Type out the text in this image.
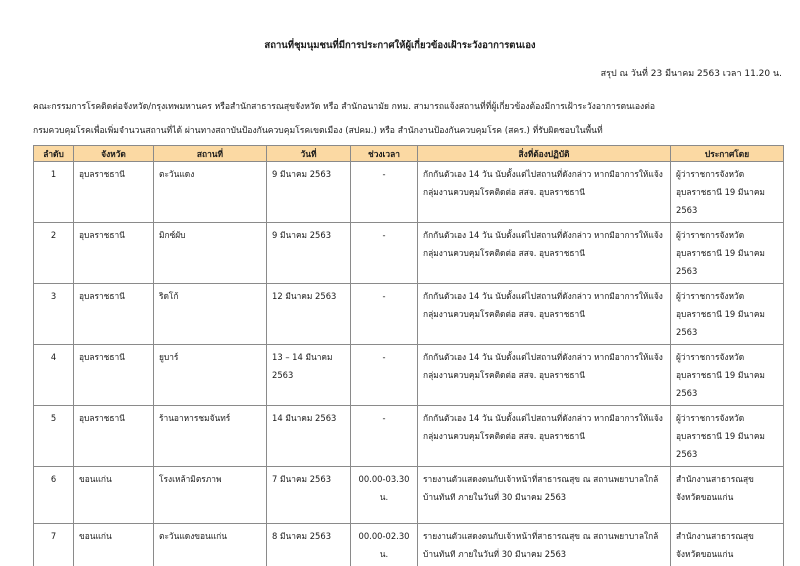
สถานที่ชุมนุมชนที่มีการประกาศให้ผู้เกี่ยวข้องเฝ้าระวังอาการตนเอง
สรุป ณ วันที่ 23 มีนาคม 2563 เวลา 11.20 น.
คณะกรรมการโรคติดต่อจังหวัด/กรุงเทพมหานคร หรือสำนักสาธารณสุขจังหวัด หรือ สำนักอนามัย กทม. สามารถแจ้งสถานที่ที่ผู้เกี่ยวข้องต้องมีการเฝ้าระวังอาการตนเองต่อ
กรมควบคุมโรคเพื่อเพิ่มจำนวนสถานที่ได้ ผ่านทางสถาบันป้องกันควบคุมโรคเขตเมือง (สปคม.) หรือ สำนักงานป้องกันควบคุมโรค (สคร.) ที่รับผิดชอบในพื้นที่
ลำดับ	จังหวัด	สถานที่	วันที่	ช่วงเวลา	สิ่งที่ต้องปฏิบัติ	ประกาศโดย
1	อุบลราชธานี	ตะวันแดง	9 มีนาคม 2563	-	กักกันตัวเอง 14 วัน นับตั้งแต่ไปสถานที่ดังกล่าว หากมีอาการให้แจ้งกลุ่มงานควบคุมโรคติดต่อ สสจ. อุบลราชธานี	ผู้ว่าราชการจังหวัดอุบลราชธานี 19 มีนาคม 2563
2	อุบลราชธานี	มิกซ์ผับ	9 มีนาคม 2563	-	กักกันตัวเอง 14 วัน นับตั้งแต่ไปสถานที่ดังกล่าว หากมีอาการให้แจ้งกลุ่มงานควบคุมโรคติดต่อ สสจ. อุบลราชธานี	ผู้ว่าราชการจังหวัดอุบลราชธานี 19 มีนาคม 2563
3	อุบลราชธานี	ริดโก้	12 มีนาคม 2563	-	กักกันตัวเอง 14 วัน นับตั้งแต่ไปสถานที่ดังกล่าว หากมีอาการให้แจ้งกลุ่มงานควบคุมโรคติดต่อ สสจ. อุบลราชธานี	ผู้ว่าราชการจังหวัดอุบลราชธานี 19 มีนาคม 2563
4	อุบลราชธานี	ยูบาร์	13 – 14 มีนาคม 2563	-	กักกันตัวเอง 14 วัน นับตั้งแต่ไปสถานที่ดังกล่าว หากมีอาการให้แจ้งกลุ่มงานควบคุมโรคติดต่อ สสจ. อุบลราชธานี	ผู้ว่าราชการจังหวัดอุบลราชธานี 19 มีนาคม 2563
5	อุบลราชธานี	ร้านอาหารชมจันทร์	14 มีนาคม 2563	-	กักกันตัวเอง 14 วัน นับตั้งแต่ไปสถานที่ดังกล่าว หากมีอาการให้แจ้งกลุ่มงานควบคุมโรคติดต่อ สสจ. อุบลราชธานี	ผู้ว่าราชการจังหวัดอุบลราชธานี 19 มีนาคม 2563
6	ขอนแก่น	โรงเหล้ามิตรภาพ	7 มีนาคม 2563	00.00-03.30 น.	รายงานตัวแสดงตนกับเจ้าหน้าที่สาธารณสุข ณ สถานพยาบาลใกล้บ้านทันที ภายในวันที่ 30 มีนาคม 2563	สำนักงานสาธารณสุขจังหวัดขอนแก่น
7	ขอนแก่น	ตะวันแดงขอนแก่น	8 มีนาคม 2563	00.00-02.30 น.	รายงานตัวแสดงตนกับเจ้าหน้าที่สาธารณสุข ณ สถานพยาบาลใกล้บ้านทันที ภายในวันที่ 30 มีนาคม 2563	สำนักงานสาธารณสุขจังหวัดขอนแก่น
